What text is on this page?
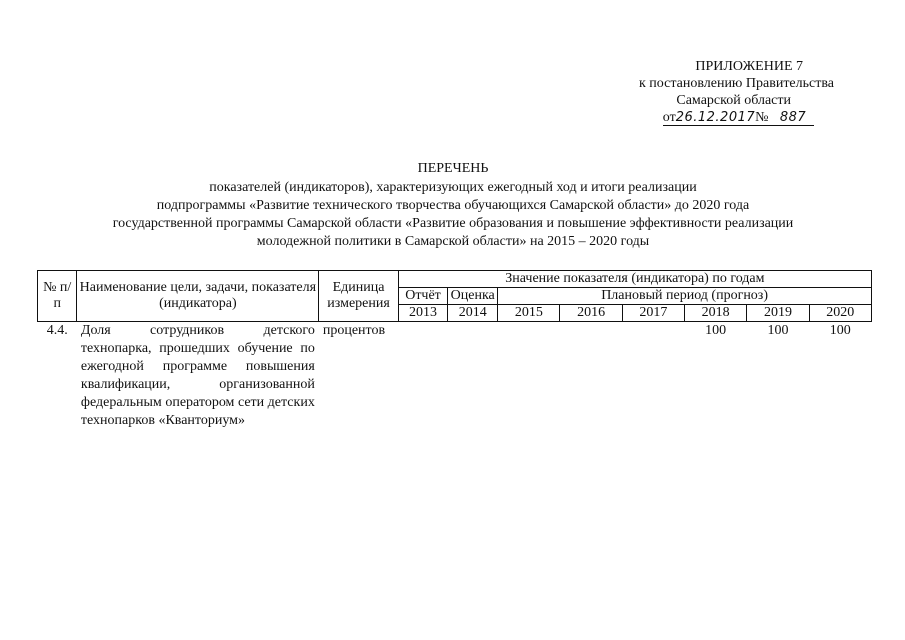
ПРИЛОЖЕНИЕ 7
к постановлению Правительства
Самарской области
от26.12.2017№ 887
ПЕРЕЧЕНЬ
показателей (индикаторов), характеризующих ежегодный ход и итоги реализации
подпрограммы «Развитие технического творчества обучающихся Самарской области» до 2020 года
государственной программы Самарской области «Развитие образования и повышение эффективности реализации
молодежной политики в Самарской области» на 2015 – 2020 годы
№ п/п	Наименование цели, задачи, показателя (индикатора)	Единица измерения	Значение показателя (индикатора) по годам							
			Отчёт	Оценка	Плановый период (прогноз)					
			2013	2014	2015	2016	2017	2018	2019	2020
4.4.	Доля сотрудников детского технопарка, прошедших обучение по ежегодной программе повышения квалификации, организованной федеральным оператором сети детских технопарков «Кванториум»	процентов						100	100	100
